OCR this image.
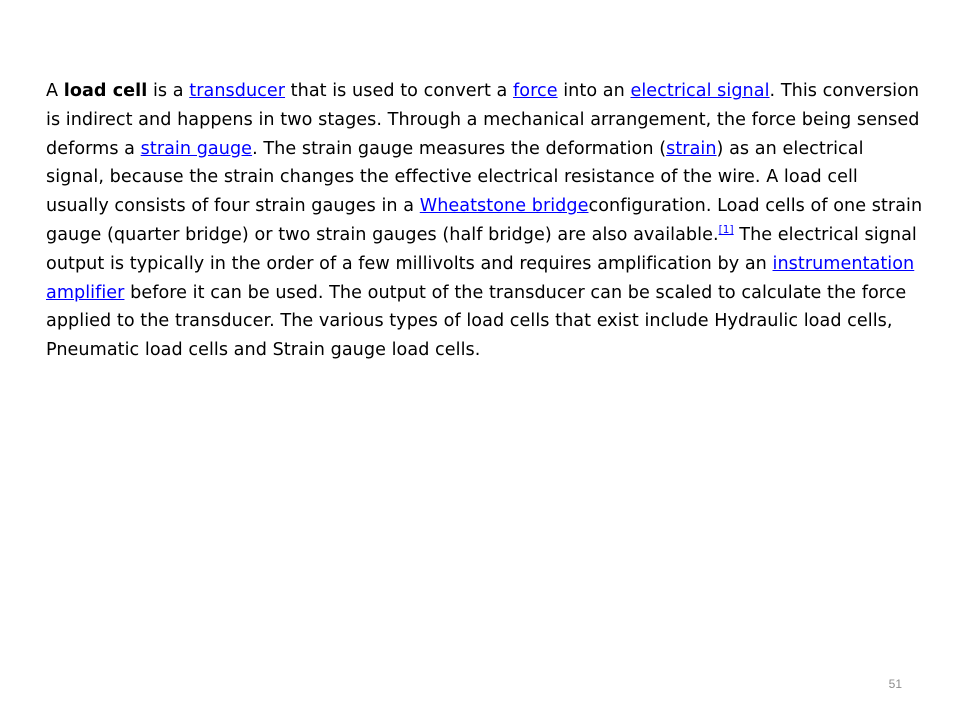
A load cell is a transducer that is used to convert a force into an electrical signal. This conversion is indirect and happens in two stages. Through a mechanical arrangement, the force being sensed deforms a strain gauge. The strain gauge measures the deformation (strain) as an electrical signal, because the strain changes the effective electrical resistance of the wire. A load cell usually consists of four strain gauges in a Wheatstone bridgeconfiguration. Load cells of one strain gauge (quarter bridge) or two strain gauges (half bridge) are also available.[1] The electrical signal output is typically in the order of a few millivolts and requires amplification by an instrumentation amplifier before it can be used. The output of the transducer can be scaled to calculate the force applied to the transducer. The various types of load cells that exist include Hydraulic load cells, Pneumatic load cells and Strain gauge load cells.

51
